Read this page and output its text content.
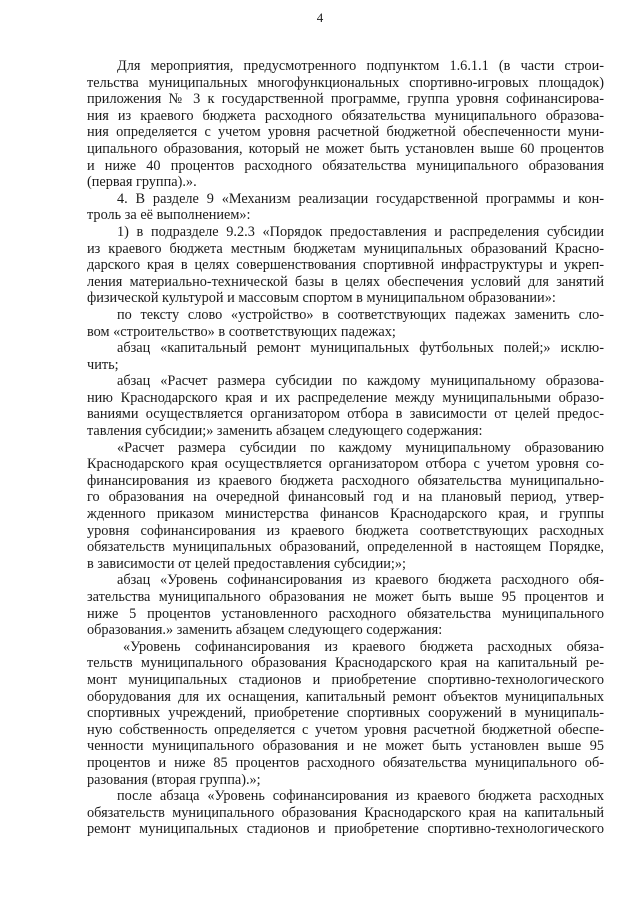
4
Для мероприятия, предусмотренного подпунктом 1.6.1.1 (в части строи-
тельства муниципальных многофункциональных спортивно-игровых площадок)
приложения № 3 к государственной программе, группа уровня софинансирова-
ния из краевого бюджета расходного обязательства муниципального образова-
ния определяется с учетом уровня расчетной бюджетной обеспеченности муни-
ципального образования, который не может быть установлен выше 60 процентов
и ниже 40 процентов расходного обязательства муниципального образования
(первая группа).».
4. В разделе 9 «Механизм реализации государственной программы и кон-
троль за её выполнением»:
1) в подразделе 9.2.3 «Порядок предоставления и распределения субсидии
из краевого бюджета местным бюджетам муниципальных образований Красно-
дарского края в целях совершенствования спортивной инфраструктуры и укреп-
ления материально-технической базы в целях обеспечения условий для занятий
физической культурой и массовым спортом в муниципальном образовании»:
по тексту слово «устройство» в соответствующих падежах заменить сло-
вом «строительство» в соответствующих падежах;
абзац «капитальный ремонт муниципальных футбольных полей;» исклю-
чить;
абзац «Расчет размера субсидии по каждому муниципальному образова-
нию Краснодарского края и их распределение между муниципальными образо-
ваниями осуществляется организатором отбора в зависимости от целей предос-
тавления субсидии;» заменить абзацем следующего содержания:
«Расчет размера субсидии по каждому муниципальному образованию
Краснодарского края осуществляется организатором отбора с учетом уровня со-
финансирования из краевого бюджета расходного обязательства муниципально-
го образования на очередной финансовый год и на плановый период, утвер-
жденного приказом министерства финансов Краснодарского края, и группы
уровня софинансирования из краевого бюджета соответствующих расходных
обязательств муниципальных образований, определенной в настоящем Порядке,
в зависимости от целей предоставления субсидии;»;
абзац «Уровень софинансирования из краевого бюджета расходного обя-
зательства муниципального образования не может быть выше 95 процентов и
ниже 5 процентов установленного расходного обязательства муниципального
образования.» заменить абзацем следующего содержания:
«Уровень софинансирования из краевого бюджета расходных обяза-
тельств муниципального образования Краснодарского края на капитальный ре-
монт муниципальных стадионов и приобретение спортивно-технологического
оборудования для их оснащения, капитальный ремонт объектов муниципальных
спортивных учреждений, приобретение спортивных сооружений в муниципаль-
ную собственность определяется с учетом уровня расчетной бюджетной обеспе-
ченности муниципального образования и не может быть установлен выше 95
процентов и ниже 85 процентов расходного обязательства муниципального об-
разования (вторая группа).»;
после абзаца «Уровень софинансирования из краевого бюджета расходных
обязательств муниципального образования Краснодарского края на капитальный
ремонт муниципальных стадионов и приобретение спортивно-технологического
